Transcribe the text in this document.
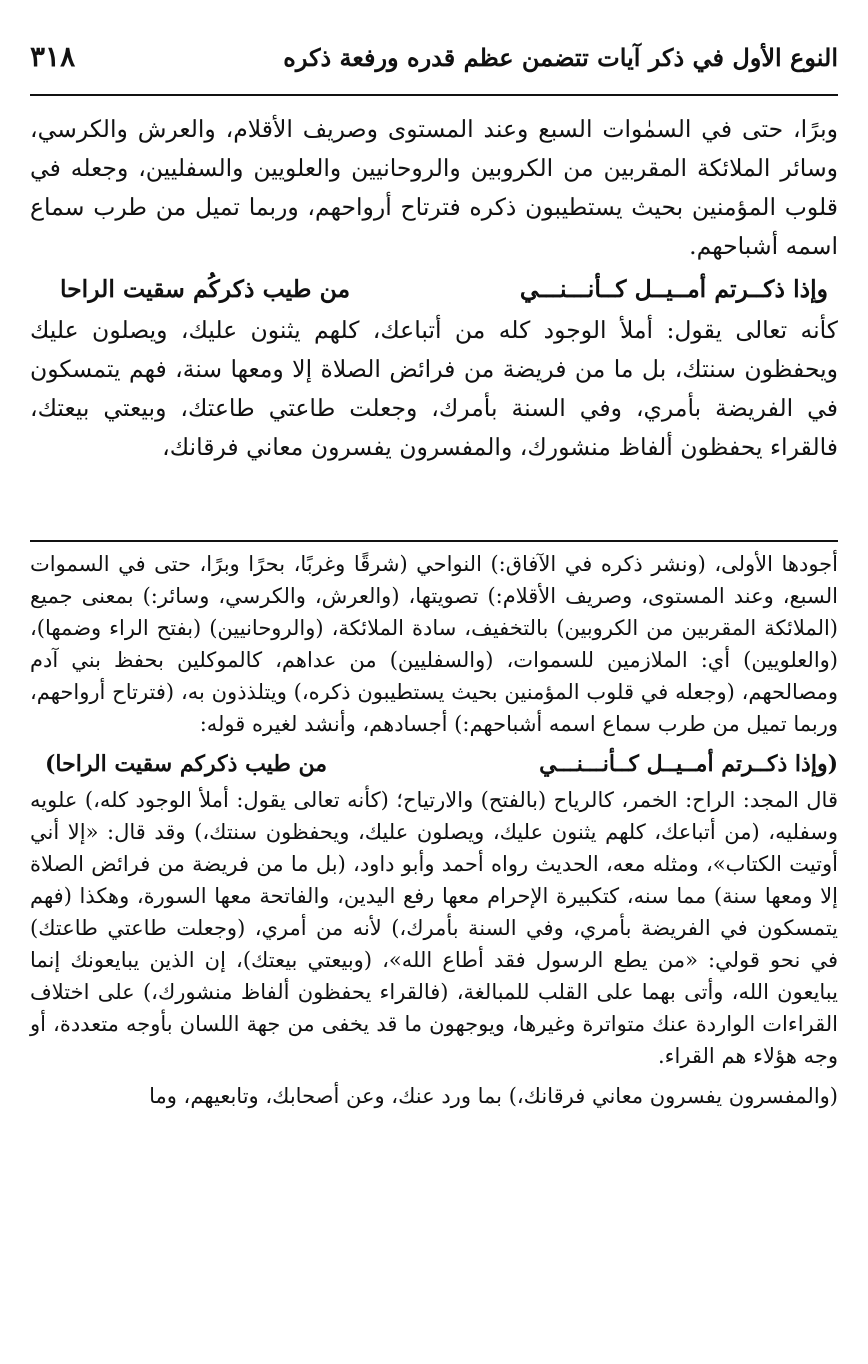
النوع الأول في ذكر آيات تتضمن عظم قدره ورفعة ذكره
٣١٨

وبرًا، حتى في السمٰوات السبع وعند المستوى وصريف الأقلام، والعرش والكرسي، وسائر الملائكة المقربين من الكروبين والروحانيين والعلويين والسفليين، وجعله في قلوب المؤمنين بحيث يستطيبون ذكره فترتاح أرواحهم، وربما تميل من طرب سماع اسمه أشباحهم.

وإذا ذكــرتم أمــيــل كــأنـــنـــي
من طيب ذكركُم سقيت الراحا

كأنه تعالى يقول: أملأ الوجود كله من أتباعك، كلهم يثنون عليك، ويصلون عليك ويحفظون سنتك، بل ما من فريضة من فرائض الصلاة إلا ومعها سنة، فهم يتمسكون في الفريضة بأمري، وفي السنة بأمرك، وجعلت طاعتي طاعتك، وبيعتي بيعتك، فالقراء يحفظون ألفاظ منشورك، والمفسرون يفسرون معاني فرقانك،

أجودها الأولى، (ونشر ذكره في الآفاق:) النواحي (شرقًا وغربًا، بحرًا وبرًا، حتى في السموات السبع، وعند المستوى، وصريف الأقلام:) تصويتها، (والعرش، والكرسي، وسائر:) بمعنى جميع (الملائكة المقربين من الكروبين) بالتخفيف، سادة الملائكة، (والروحانيين) (بفتح الراء وضمها)، (والعلويين) أي: الملازمين للسموات، (والسفليين) من عداهم، كالموكلين بحفظ بني آدم ومصالحهم، (وجعله في قلوب المؤمنين بحيث يستطيبون ذكره،) ويتلذذون به، (فترتاح أرواحهم، وربما تميل من طرب سماع اسمه أشباحهم:) أجسادهم، وأنشد لغيره قوله:

(وإذا ذكــرتم أمــيــل كــأنـــنـــي
من طيب ذكركم سقيت الراحا)

قال المجد: الراح: الخمر، كالرياح (بالفتح) والارتياح؛ (كأنه تعالى يقول: أملأ الوجود كله،) علويه وسفليه، (من أتباعك، كلهم يثنون عليك، ويصلون عليك، ويحفظون سنتك،) وقد قال: «إلا أني أوتيت الكتاب»، ومثله معه، الحديث رواه أحمد وأبو داود، (بل ما من فريضة من فرائض الصلاة إلا ومعها سنة) مما سنه، كتكبيرة الإحرام معها رفع اليدين، والفاتحة معها السورة، وهكذا (فهم يتمسكون في الفريضة بأمري، وفي السنة بأمرك،) لأنه من أمري، (وجعلت طاعتي طاعتك) في نحو قولي: «من يطع الرسول فقد أطاع الله»، (وبيعتي بيعتك)، إن الذين يبايعونك إنما يبايعون الله، وأتى بهما على القلب للمبالغة، (فالقراء يحفظون ألفاظ منشورك،) على اختلاف القراءات الواردة عنك متواترة وغيرها، ويوجهون ما قد يخفى من جهة اللسان بأوجه متعددة، أو وجه هؤلاء هم القراء.

(والمفسرون يفسرون معاني فرقانك،) بما ورد عنك، وعن أصحابك، وتابعيهم، وما
